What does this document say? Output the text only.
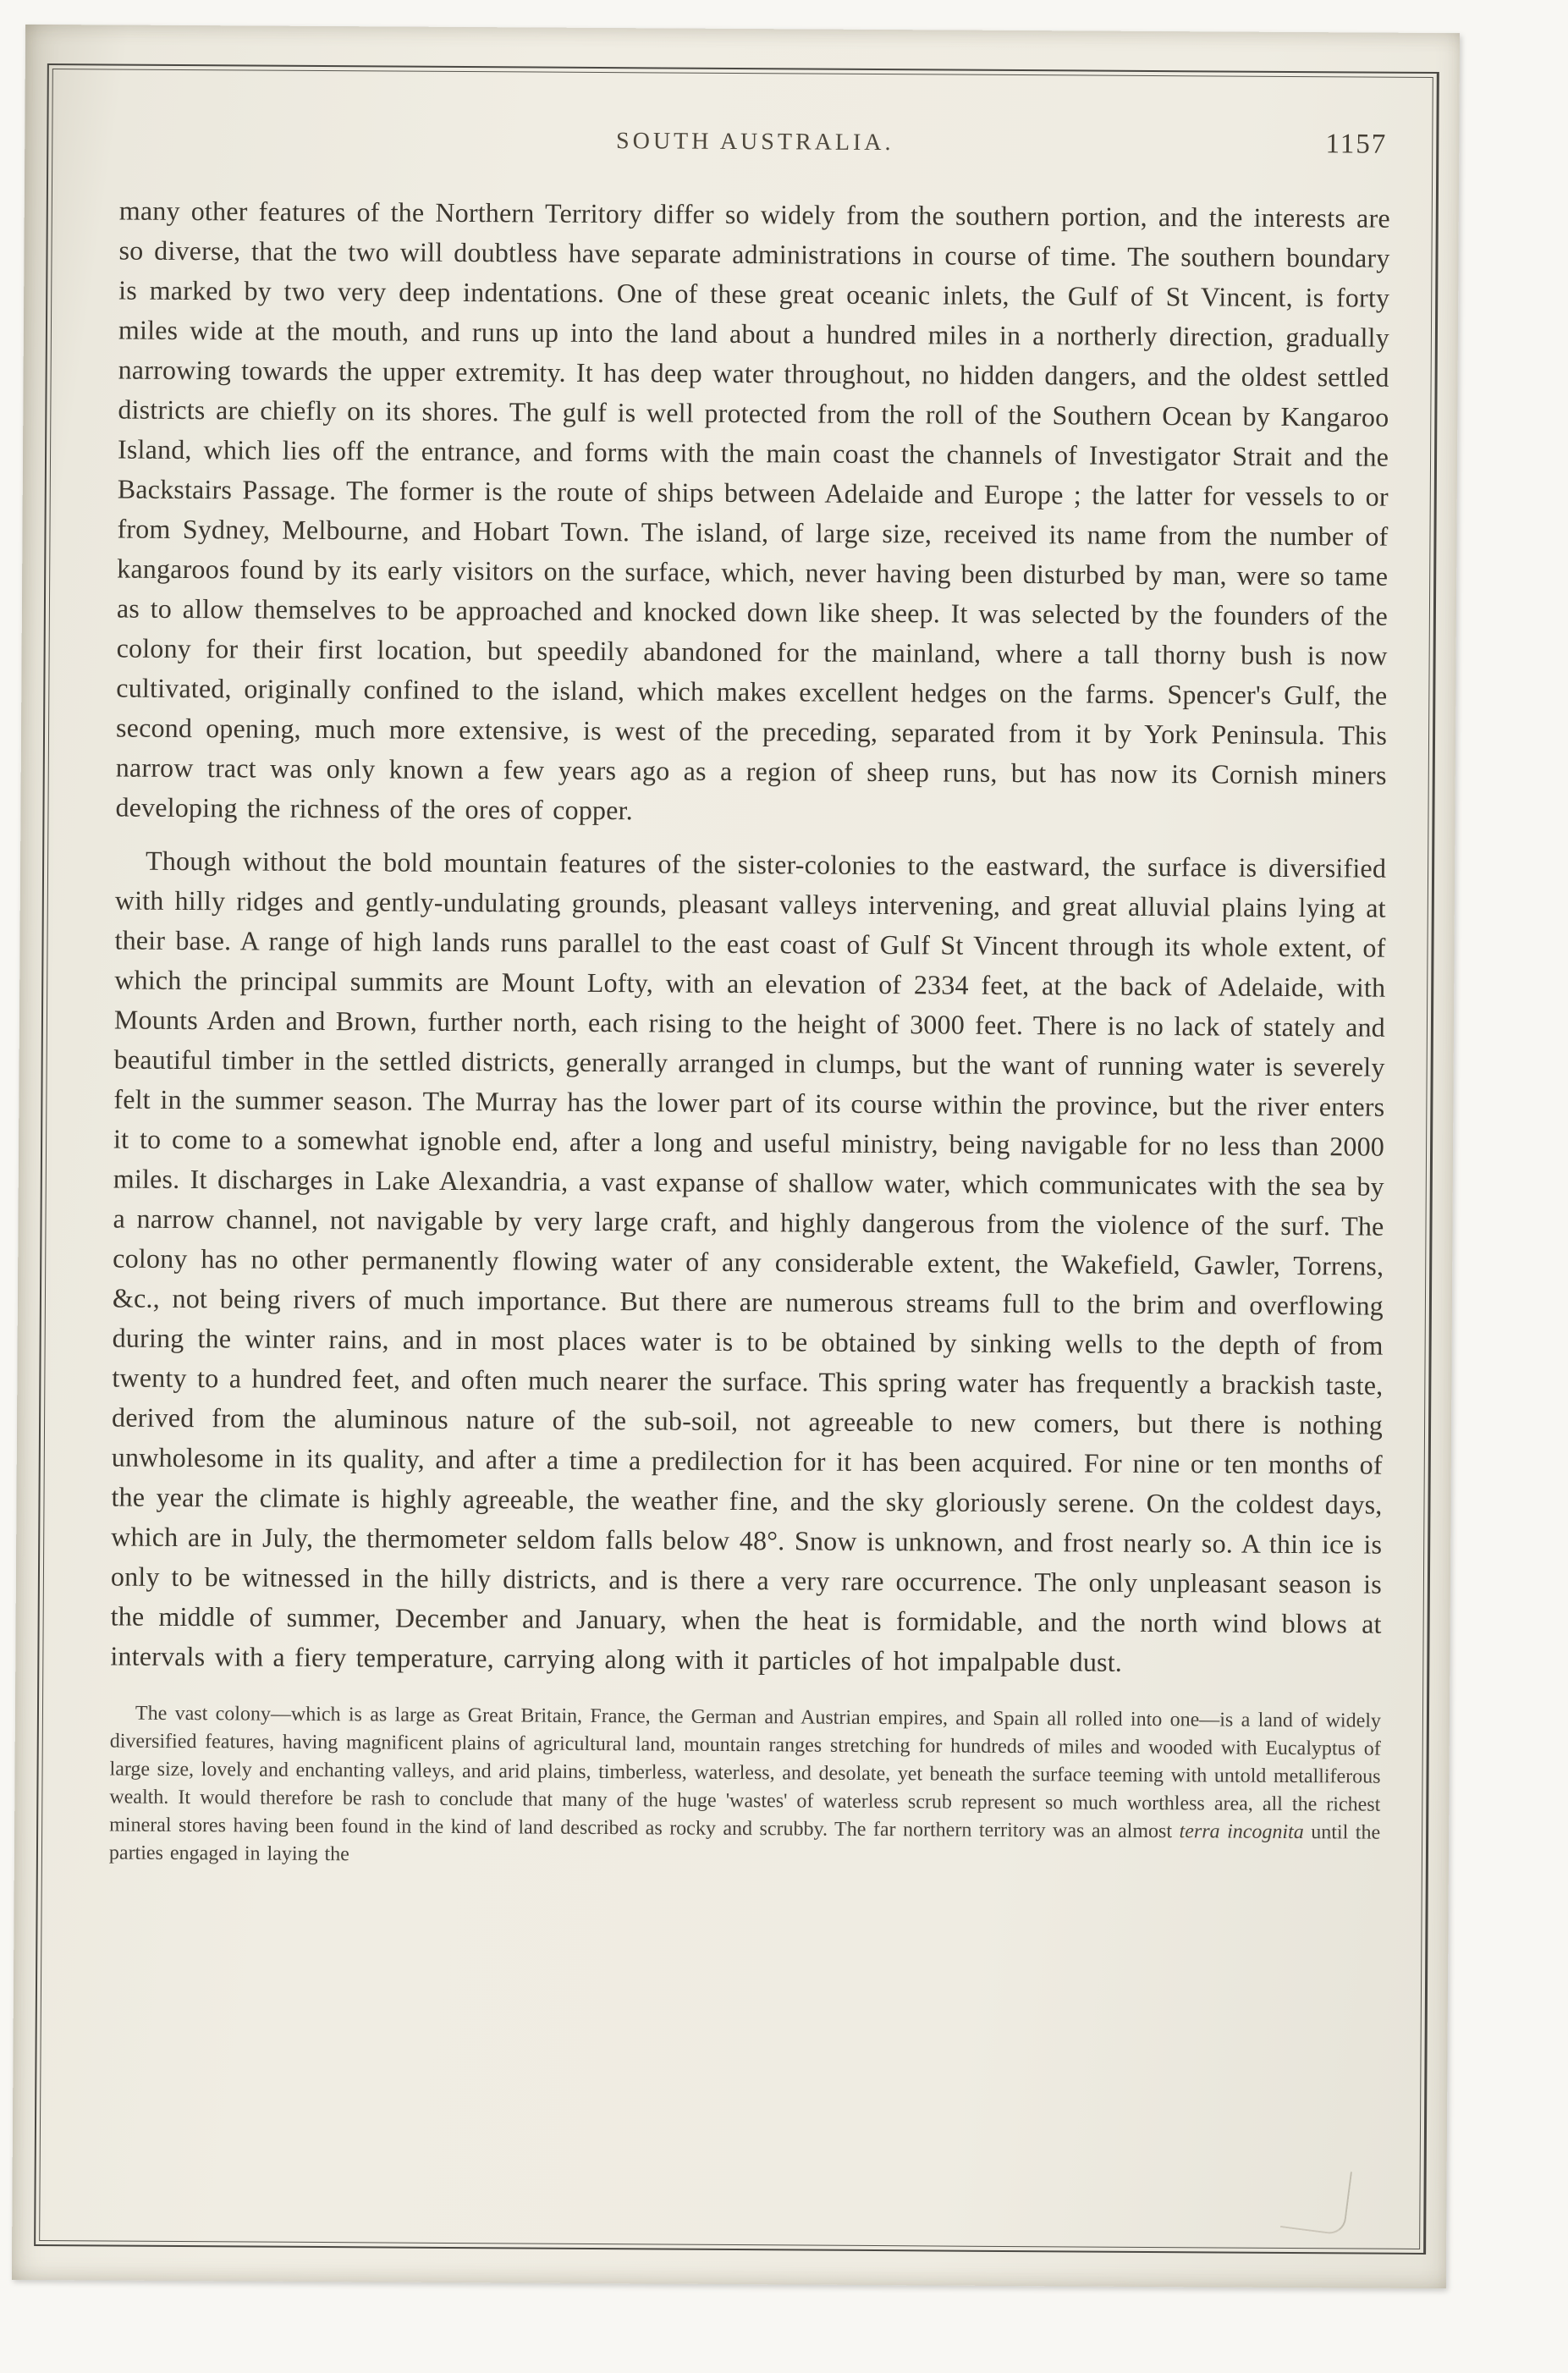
SOUTH AUSTRALIA.	1157

many other features of the Northern Territory differ so widely from the southern portion, and the interests are so diverse, that the two will doubtless have separate administrations in course of time. The southern boundary is marked by two very deep indentations. One of these great oceanic inlets, the Gulf of St Vincent, is forty miles wide at the mouth, and runs up into the land about a hundred miles in a northerly direction, gradually narrowing towards the upper extremity. It has deep water throughout, no hidden dangers, and the oldest settled districts are chiefly on its shores. The gulf is well protected from the roll of the Southern Ocean by Kangaroo Island, which lies off the entrance, and forms with the main coast the channels of Investigator Strait and the Backstairs Passage. The former is the route of ships between Adelaide and Europe ; the latter for vessels to or from Sydney, Melbourne, and Hobart Town. The island, of large size, received its name from the number of kangaroos found by its early visitors on the surface, which, never having been disturbed by man, were so tame as to allow themselves to be approached and knocked down like sheep. It was selected by the founders of the colony for their first location, but speedily abandoned for the mainland, where a tall thorny bush is now cultivated, originally confined to the island, which makes excellent hedges on the farms. Spencer's Gulf, the second opening, much more extensive, is west of the preceding, separated from it by York Peninsula. This narrow tract was only known a few years ago as a region of sheep runs, but has now its Cornish miners developing the richness of the ores of copper.

Though without the bold mountain features of the sister-colonies to the eastward, the surface is diversified with hilly ridges and gently-undulating grounds, pleasant valleys intervening, and great alluvial plains lying at their base. A range of high lands runs parallel to the east coast of Gulf St Vincent through its whole extent, of which the principal summits are Mount Lofty, with an elevation of 2334 feet, at the back of Adelaide, with Mounts Arden and Brown, further north, each rising to the height of 3000 feet. There is no lack of stately and beautiful timber in the settled districts, generally arranged in clumps, but the want of running water is severely felt in the summer season. The Murray has the lower part of its course within the province, but the river enters it to come to a somewhat ignoble end, after a long and useful ministry, being navigable for no less than 2000 miles. It discharges in Lake Alexandria, a vast expanse of shallow water, which communicates with the sea by a narrow channel, not navigable by very large craft, and highly dangerous from the violence of the surf. The colony has no other permanently flowing water of any considerable extent, the Wakefield, Gawler, Torrens, &c., not being rivers of much importance. But there are numerous streams full to the brim and overflowing during the winter rains, and in most places water is to be obtained by sinking wells to the depth of from twenty to a hundred feet, and often much nearer the surface. This spring water has frequently a brackish taste, derived from the aluminous nature of the sub-soil, not agreeable to new comers, but there is nothing unwholesome in its quality, and after a time a predilection for it has been acquired. For nine or ten months of the year the climate is highly agreeable, the weather fine, and the sky gloriously serene. On the coldest days, which are in July, the thermometer seldom falls below 48°. Snow is unknown, and frost nearly so. A thin ice is only to be witnessed in the hilly districts, and is there a very rare occurrence. The only unpleasant season is the middle of summer, December and January, when the heat is formidable, and the north wind blows at intervals with a fiery temperature, carrying along with it particles of hot impalpable dust.

The vast colony—which is as large as Great Britain, France, the German and Austrian empires, and Spain all rolled into one—is a land of widely diversified features, having magnificent plains of agricultural land, mountain ranges stretching for hundreds of miles and wooded with Eucalyptus of large size, lovely and enchanting valleys, and arid plains, timberless, waterless, and desolate, yet beneath the surface teeming with untold metalliferous wealth. It would therefore be rash to conclude that many of the huge 'wastes' of waterless scrub represent so much worthless area, all the richest mineral stores having been found in the kind of land described as rocky and scrubby. The far northern territory was an almost terra incognita until the parties engaged in laying the
